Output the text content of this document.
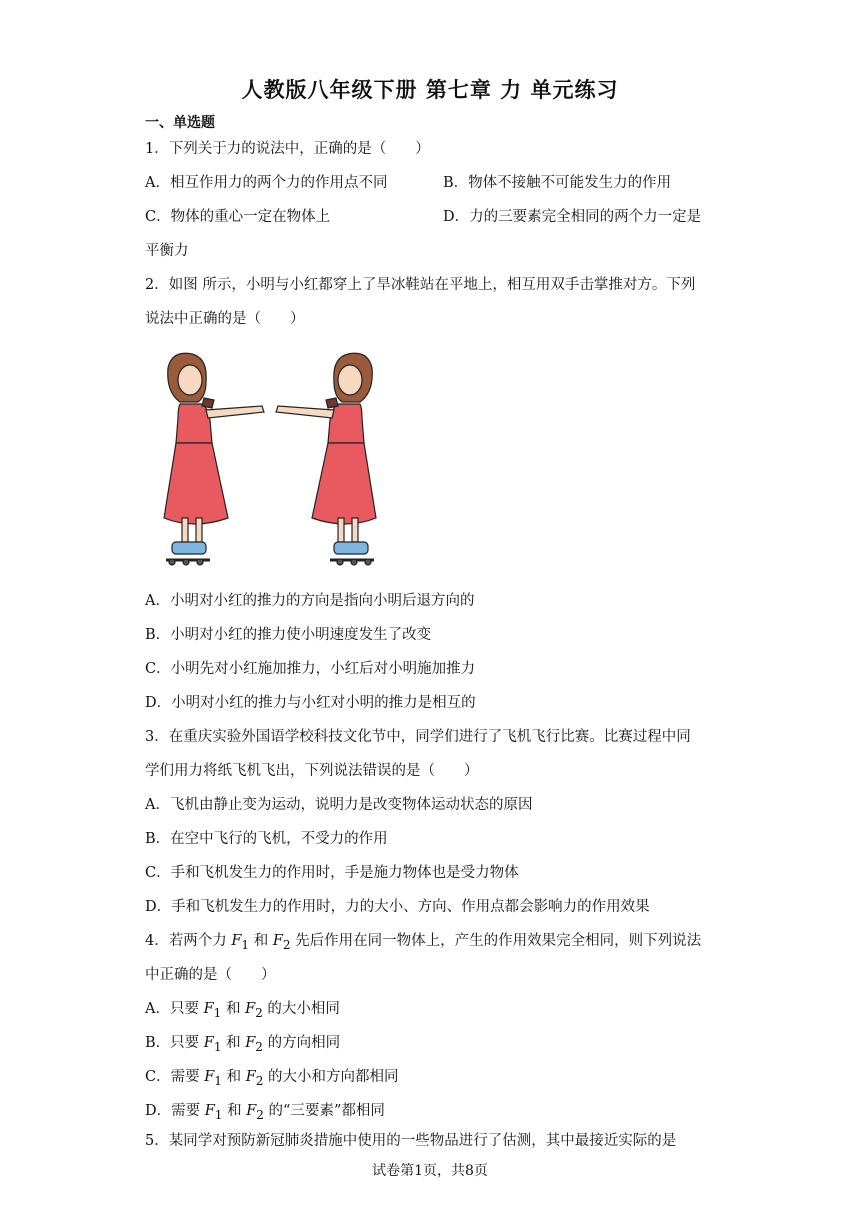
人教版八年级下册 第七章 力 单元练习
一、单选题
1．下列关于力的说法中，正确的是（　　）
A．相互作用力的两个力的作用点不同	B．物体不接触不可能发生力的作用
C．物体的重心一定在物体上	D．力的三要素完全相同的两个力一定是
平衡力
2．如图 所示，小明与小红都穿上了旱冰鞋站在平地上，相互用双手击掌推对方。下列
说法中正确的是（　　）
A．小明对小红的推力的方向是指向小明后退方向的
B．小明对小红的推力使小明速度发生了改变
C．小明先对小红施加推力，小红后对小明施加推力
D．小明对小红的推力与小红对小明的推力是相互的
3．在重庆实验外国语学校科技文化节中，同学们进行了飞机飞行比赛。比赛过程中同
学们用力将纸飞机飞出，下列说法错误的是（　　）
A．飞机由静止变为运动，说明力是改变物体运动状态的原因
B．在空中飞行的飞机，不受力的作用
C．手和飞机发生力的作用时，手是施力物体也是受力物体
D．手和飞机发生力的作用时，力的大小、方向、作用点都会影响力的作用效果
4．若两个力 $F_1$ 和 $F_2$ 先后作用在同一物体上，产生的作用效果完全相同，则下列说法
中正确的是（　　）
A．只要 $F_1$ 和 $F_2$ 的大小相同
B．只要 $F_1$ 和 $F_2$ 的方向相同
C．需要 $F_1$ 和 $F_2$ 的大小和方向都相同
D．需要 $F_1$ 和 $F_2$ 的“三要素”都相同
5．某同学对预防新冠肺炎措施中使用的一些物品进行了估测，其中最接近实际的是
试卷第1页，共8页
